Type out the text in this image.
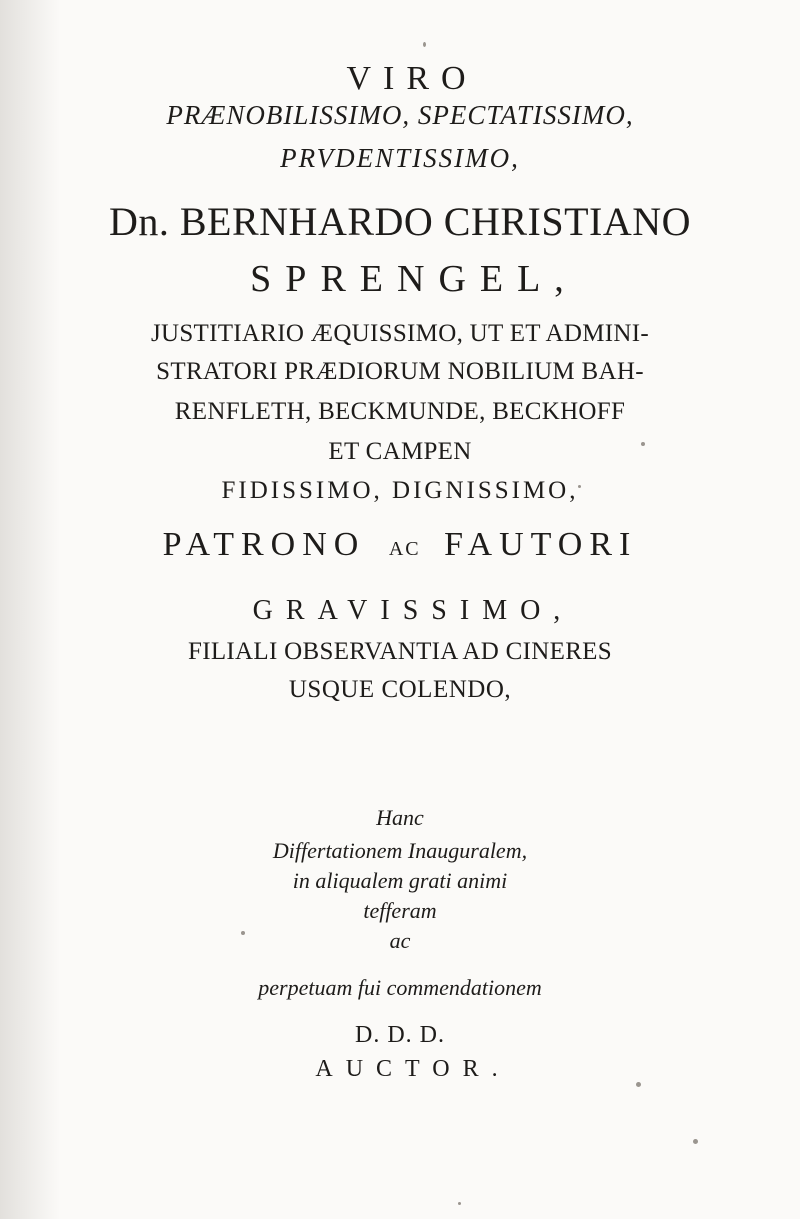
VIRO
PRÆNOBILISSIMO, SPECTATISSIMO,
PRVDENTISSIMO,
Dn. BERNHARDO CHRISTIANO
SPRENGEL,
JUSTITIARIO ÆQUISSIMO, UT ET ADMINI-
STRATORI PRÆDIORUM NOBILIUM BAH-
RENFLETH, BECKMUNDE, BECKHOFF
ET CAMPEN
FIDISSIMO, DIGNISSIMO,
PATRONO AC FAUTORI
GRAVISSIMO,
FILIALI OBSERVANTIA AD CINERES
USQUE COLENDO,
Hanc
Differtationem Inauguralem,
in aliqualem grati animi
tefferam
ac
perpetuam fui commendationem
D. D. D.
AUCTOR.
